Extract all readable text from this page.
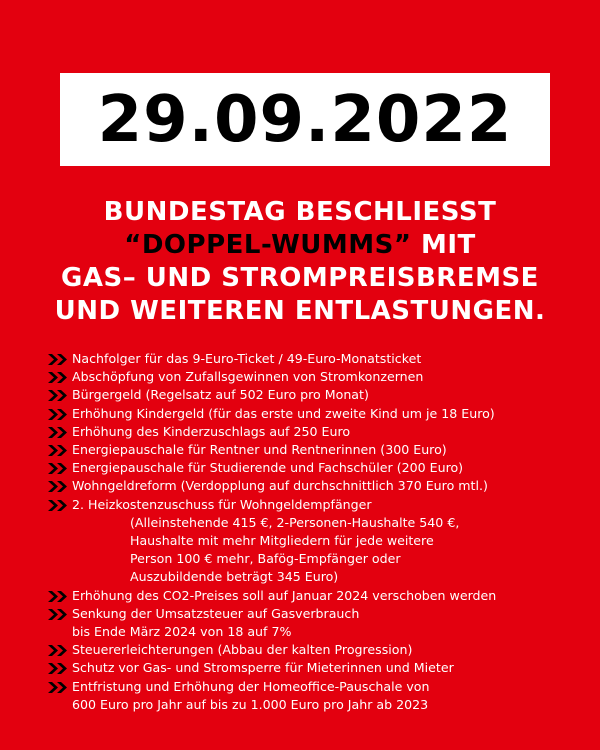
29.09.2022
BUNDESTAG BESCHLIESST
“DOPPEL-WUMMS” MIT
GAS– UND STROMPREISBREMSE
UND WEITEREN ENTLASTUNGEN.
Nachfolger für das 9-Euro-Ticket / 49-Euro-Monatsticket
Abschöpfung von Zufallsgewinnen von Stromkonzernen
Bürgergeld (Regelsatz auf 502 Euro pro Monat)
Erhöhung Kindergeld (für das erste und zweite Kind um je 18 Euro)
Erhöhung des Kinderzuschlags auf 250 Euro
Energiepauschale für Rentner und Rentnerinnen (300 Euro)
Energiepauschale für Studierende und Fachschüler (200 Euro)
Wohngeldreform (Verdopplung auf durchschnittlich 370 Euro mtl.)
2. Heizkostenzuschuss für Wohngeldempfänger
(Alleinstehende 415 €, 2-Personen-Haushalte 540 €,
Haushalte mit mehr Mitgliedern für jede weitere
Person 100 € mehr, Bafög-Empfänger oder
Auszubildende beträgt 345 Euro)
Erhöhung des CO2-Preises soll auf Januar 2024 verschoben werden
Senkung der Umsatzsteuer auf Gasverbrauch
bis Ende März 2024 von 18 auf 7%
Steuererleichterungen (Abbau der kalten Progression)
Schutz vor Gas- und Stromsperre für Mieterinnen und Mieter
Entfristung und Erhöhung der Homeoffice-Pauschale von
600 Euro pro Jahr auf bis zu 1.000 Euro pro Jahr ab 2023
